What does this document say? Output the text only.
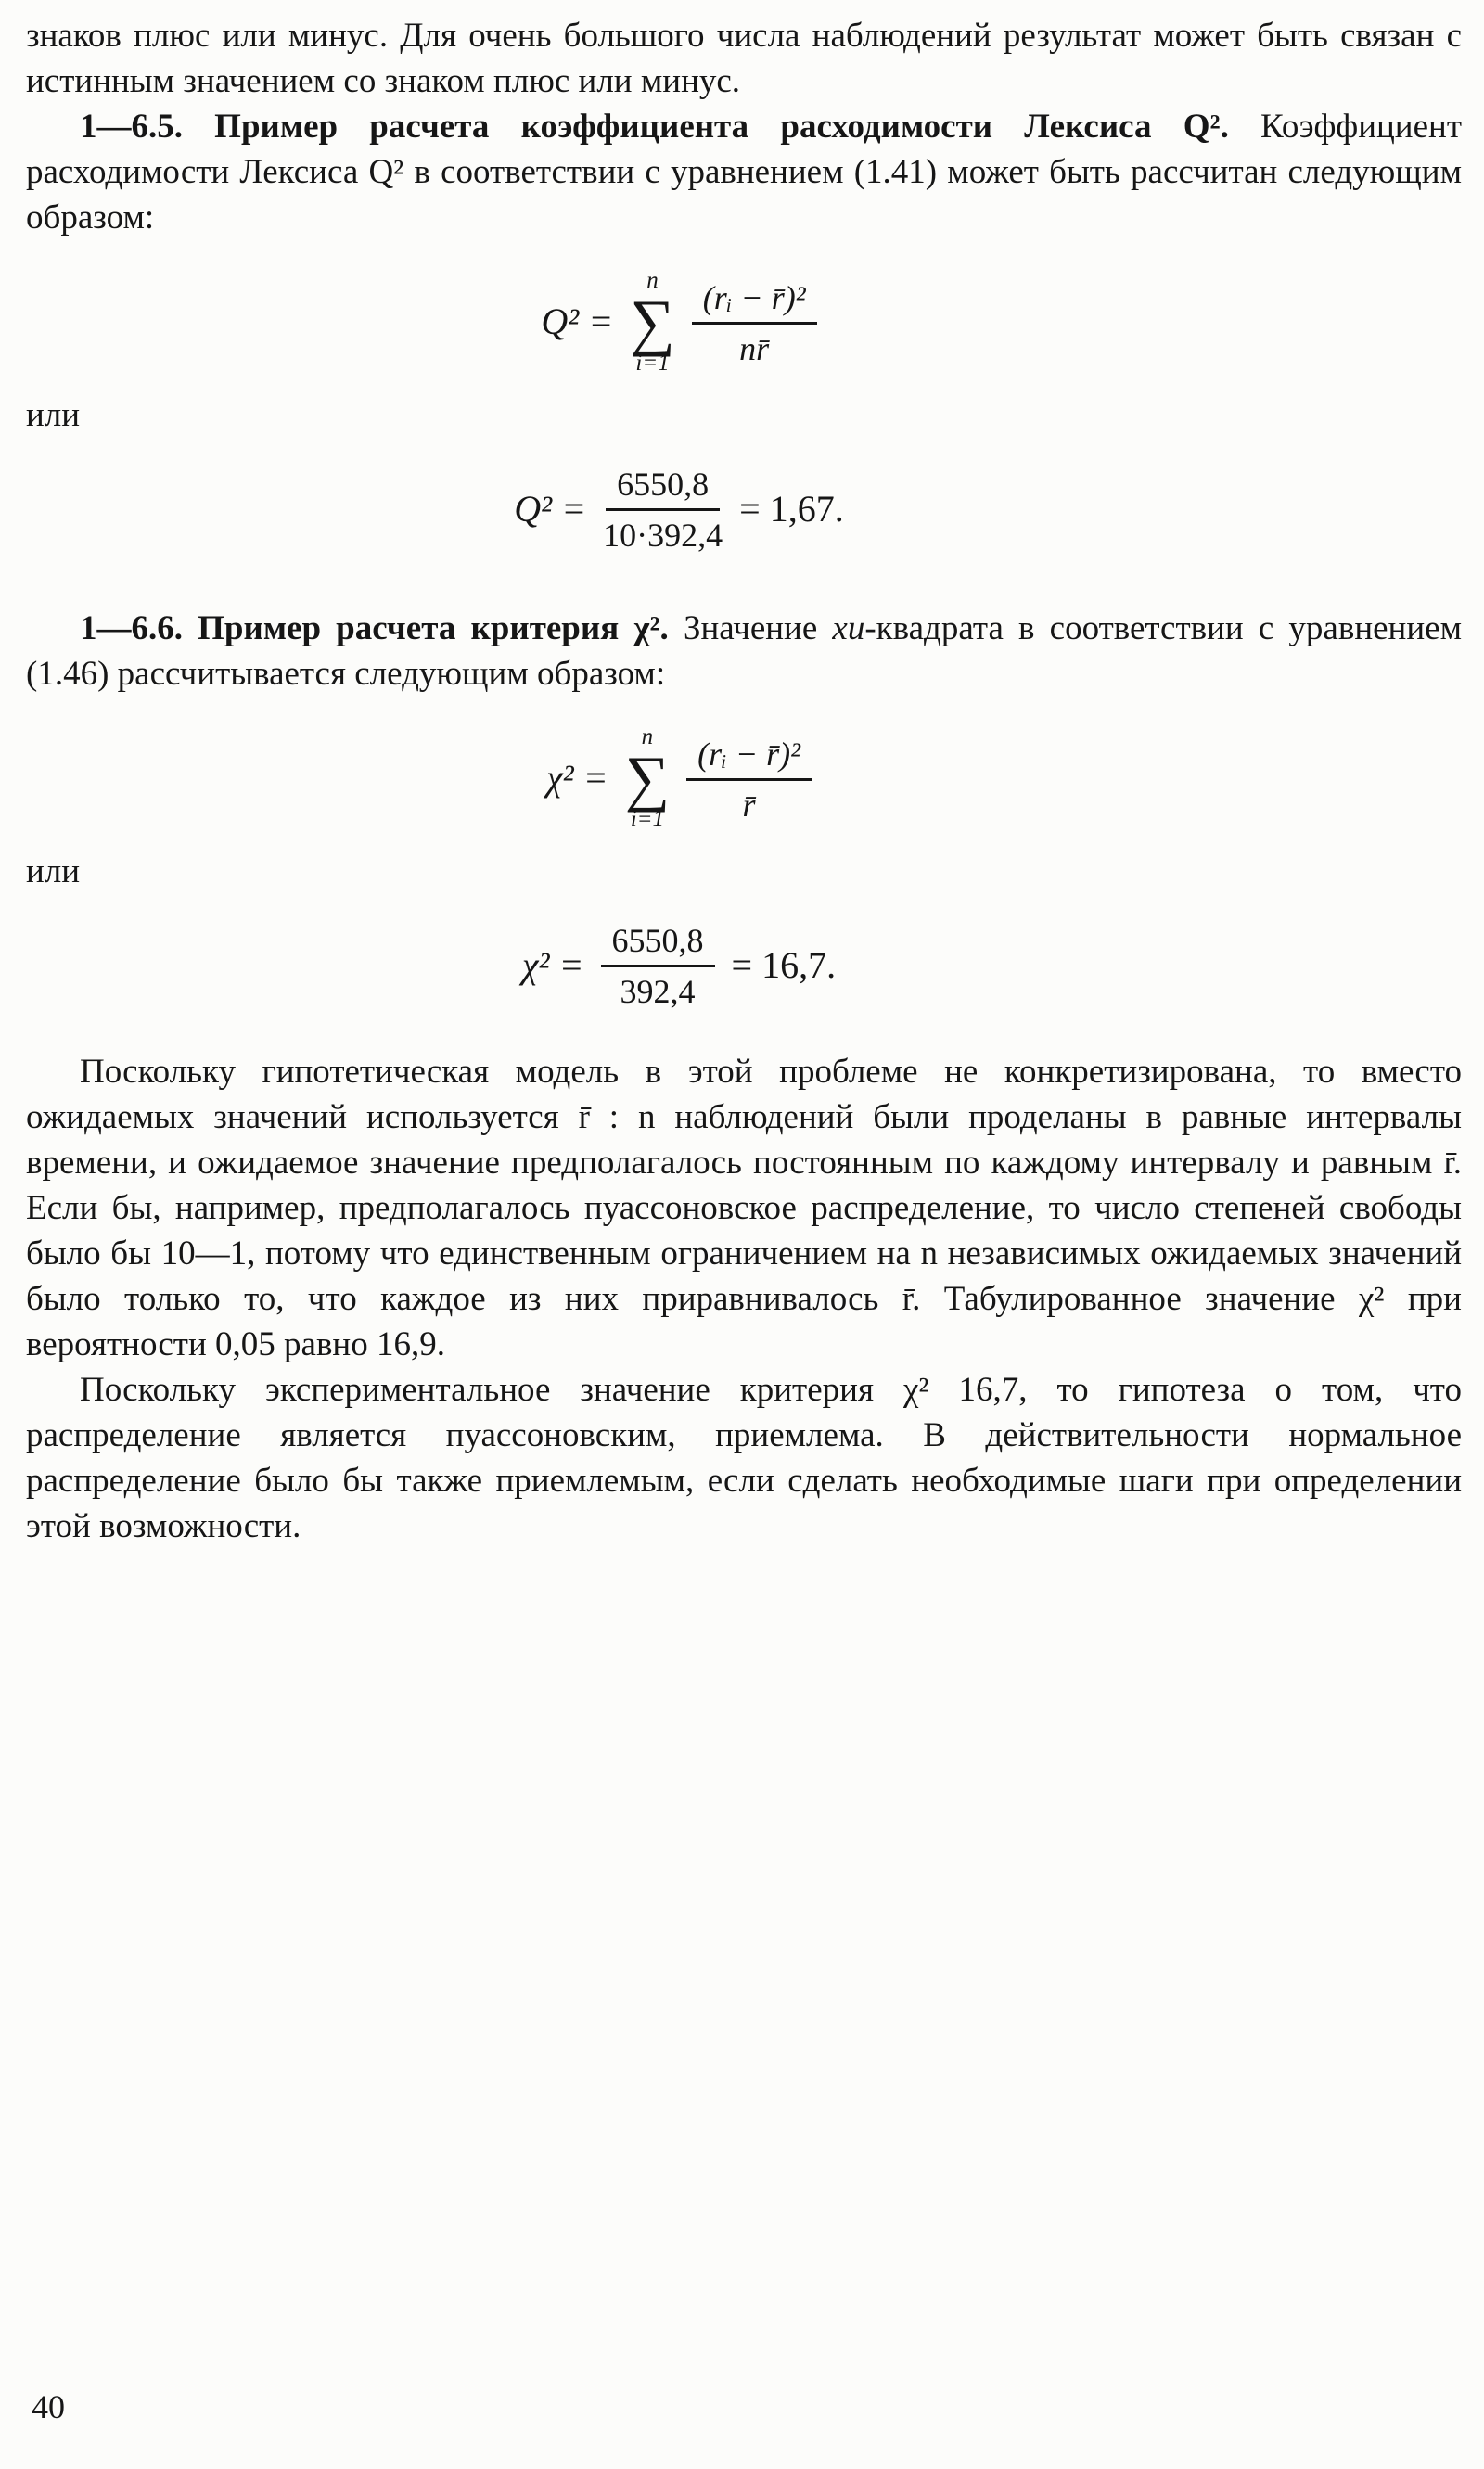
знаков плюс или минус. Для очень большого числа наблюдений результат может быть связан с истинным значением со знаком плюс или минус.

1—6.5. Пример расчета коэффициента расходимости Лексиса Q². Коэффициент расходимости Лексиса Q² в соответствии с уравнением (1.41) может быть рассчитан следующим образом:

Q² =
n
∑
$i=1 \frac{\text{(rᵢ − r̄)²}}{nr̄}$

или

$Q^2 = \frac{6550,8}{10\cdot 392,4} = 1,67$.

1—6.6. Пример расчета критерия χ². Значение хи-квадрата в соответствии с уравнением (1.46) рассчитывается следующим образом:

χ² =
n
∑
$i=1 \frac{\text{(rᵢ − r̄)²}}{r̄}$

или

$\chi^2 = \frac{6550,8}{392,4} = 16,7$.

Поскольку гипотетическая модель в этой проблеме не конкретизирована, то вместо ожидаемых значений используется r̄ : n наблюдений были проделаны в равные интервалы времени, и ожидаемое значение предполагалось постоянным по каждому интервалу и равным r̄. Если бы, например, предполагалось пуассоновское распределение, то число степеней свободы было бы 10—1, потому что единственным ограничением на n независимых ожидаемых значений было только то, что каждое из них приравнивалось r̄. Табулированное значение χ² при вероятности 0,05 равно 16,9.

Поскольку экспериментальное значение критерия χ² 16,7, то гипотеза о том, что распределение является пуассоновским, приемлема. В действительности нормальное распределение было бы также приемлемым, если сделать необходимые шаги при определении этой возможности.

40
